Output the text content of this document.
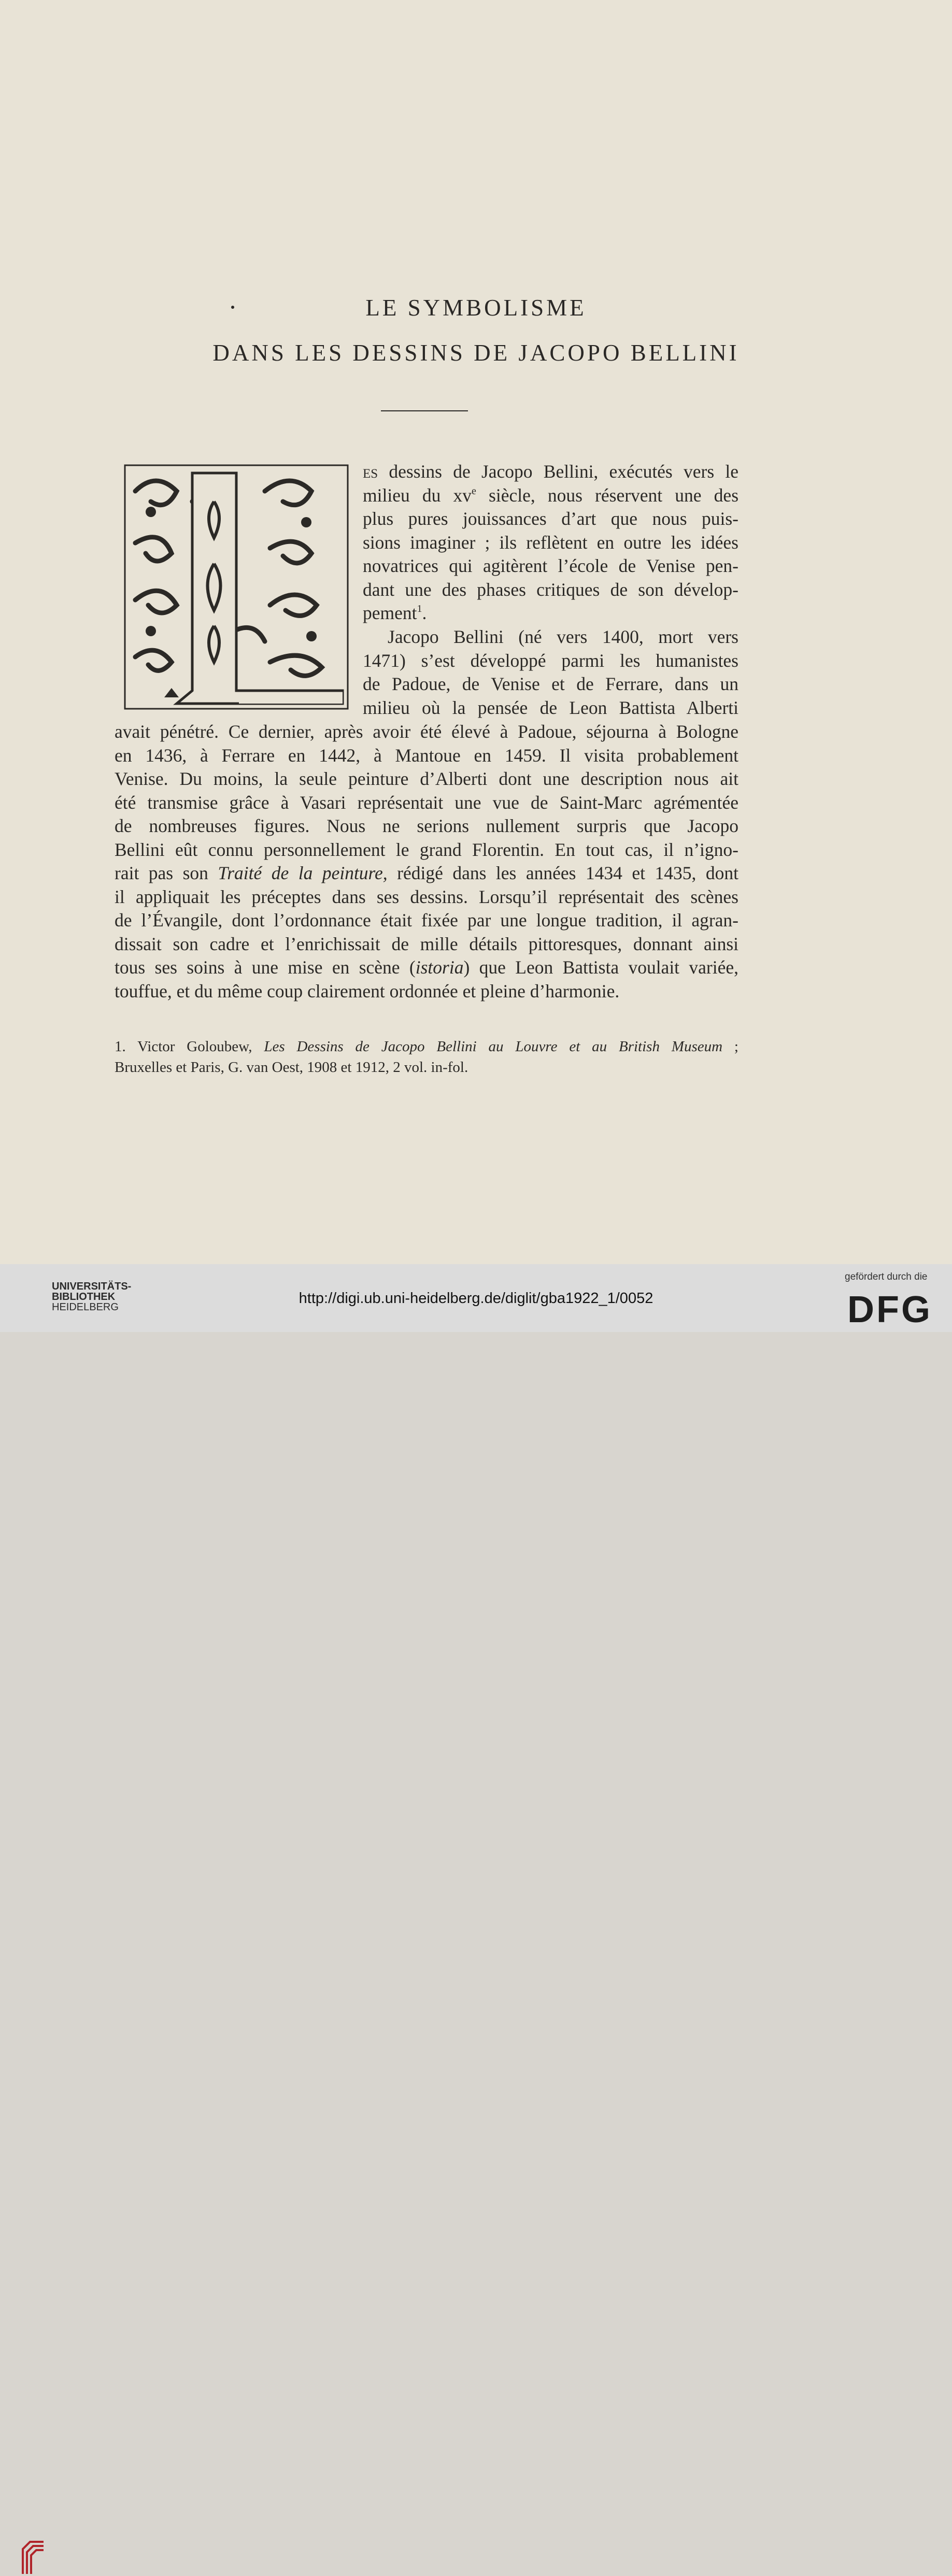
LE SYMBOLISME
DANS LES DESSINS DE JACOPO BELLINI
es dessins de Jacopo Bellini, exécutés vers le
milieu du $xv^e$ siècle, nous réservent une des
plus pures jouissances d’art que nous puis-
sions imaginer ; ils reflètent en outre les idées
novatrices qui agitèrent l’école de Venise pen-
dant une des phases critiques de son dévelop-
pement$^1$.
Jacopo Bellini (né vers 1400, mort vers
1471) s’est développé parmi les humanistes
de Padoue, de Venise et de Ferrare, dans un
milieu où la pensée de Leon Battista Alberti
avait pénétré. Ce dernier, après avoir été élevé à Padoue, séjourna à Bologne
en 1436, à Ferrare en 1442, à Mantoue en 1459. Il visita probablement
Venise. Du moins, la seule peinture d’Alberti dont une description nous ait
été transmise grâce à Vasari représentait une vue de Saint-Marc agrémentée
de nombreuses figures. Nous ne serions nullement surpris que Jacopo
Bellini eût connu personnellement le grand Florentin. En tout cas, il n’igno-
rait pas son Traité de la peinture, rédigé dans les années 1434 et 1435, dont
il appliquait les préceptes dans ses dessins. Lorsqu’il représentait des scènes
de l’Évangile, dont l’ordonnance était fixée par une longue tradition, il agran-
dissait son cadre et l’enrichissait de mille détails pittoresques, donnant ainsi
tous ses soins à une mise en scène (istoria) que Leon Battista voulait variée,
touffue, et du même coup clairement ordonnée et pleine d’harmonie.
1. Victor Goloubew, Les Dessins de Jacopo Bellini au Louvre et au British Museum ;
Bruxelles et Paris, G. van Oest, 1908 et 1912, 2 vol. in-fol.
UNIVERSITÄTS-
BIBLIOTHEK
HEIDELBERG
http://digi.ub.uni-heidelberg.de/diglit/gba1922_1/0052
gefördert durch die
DFG
